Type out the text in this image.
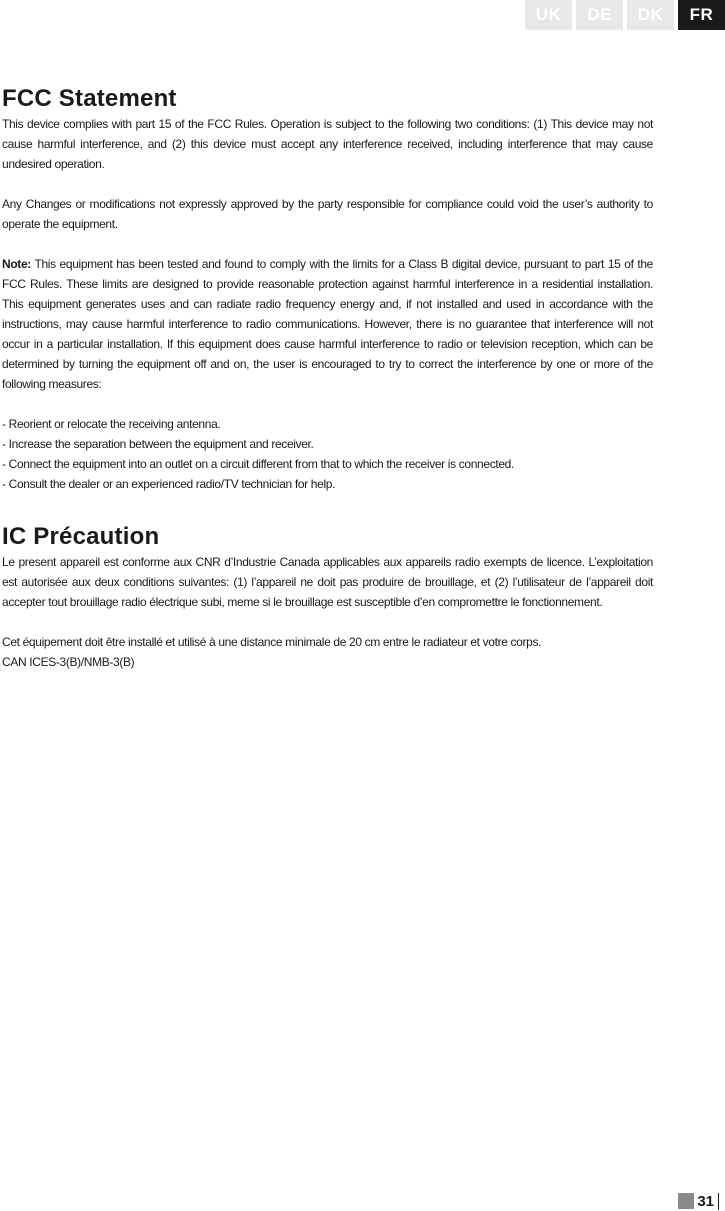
UK	DE	DK	FR
FCC Statement

This device complies with part 15 of the FCC Rules. Operation is subject to the following two conditions: (1) This device may not cause harmful interference, and (2) this device must accept any interference received, including interference that may cause undesired operation.

Any Changes or modifications not expressly approved by the party responsible for compliance could void the user’s authority to operate the equipment.

Note: This equipment has been tested and found to comply with the limits for a Class B digital device, pursuant to part 15 of the FCC Rules. These limits are designed to provide reasonable protection against harmful interference in a residential installation. This equipment generates uses and can radiate radio frequency energy and, if not installed and used in accordance with the instructions, may cause harmful interference to radio communications. However, there is no guarantee that interference will not occur in a particular installation. If this equipment does cause harmful interference to radio or television reception, which can be determined by turning the equipment off and on, the user is encouraged to try to correct the interference by one or more of the following measures:

- Reorient or relocate the receiving antenna.
- Increase the separation between the equipment and receiver.
- Connect the equipment into an outlet on a circuit different from that to which the receiver is connected.
- Consult the dealer or an experienced radio/TV technician for help.
IC Précaution

Le present appareil est conforme aux CNR d’Industrie Canada applicables aux appareils radio exempts de licence. L’exploitation est autorisée aux deux conditions suivantes: (1) l’appareil ne doit pas produire de brouillage, et (2) l’utilisateur de l’appareil doit accepter tout brouillage radio électrique subi, meme si le brouillage est susceptible d’en compromettre le fonctionnement.

Cet équipement doit être installé et utilisé à une distance minimale de 20 cm entre le radiateur et votre corps.

CAN ICES-3(B)/NMB-3(B)

31
